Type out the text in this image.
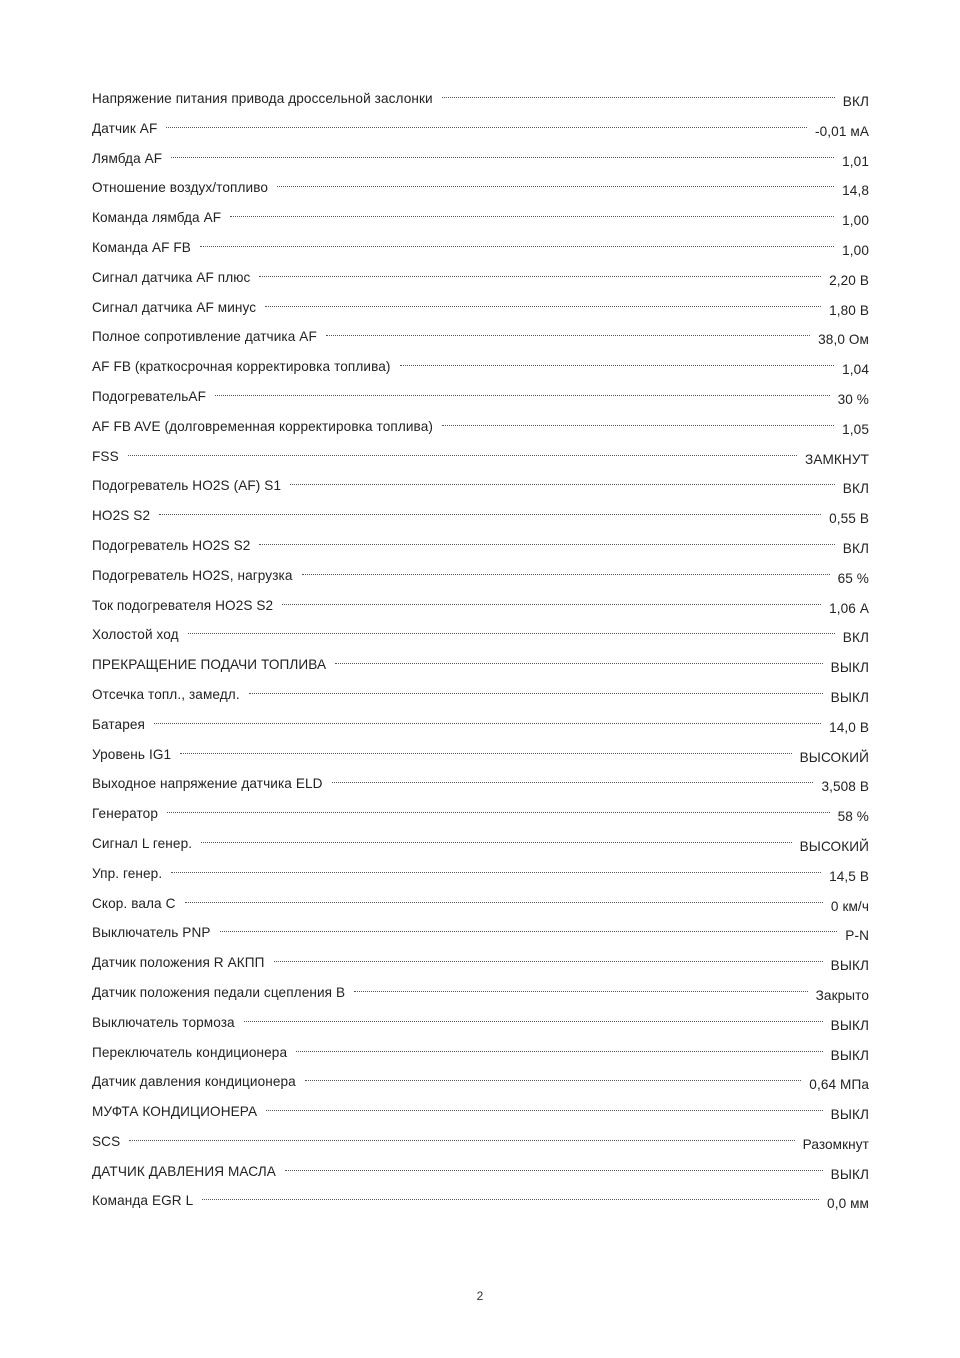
Напряжение питания привода дроссельной заслонки	ВКЛ
Датчик AF	-0,01 мА
Лямбда AF	1,01
Отношение воздух/топливо	14,8
Команда лямбда AF	1,00
Команда AF FB	1,00
Сигнал датчика AF плюс	2,20 В
Сигнал датчика AF минус	1,80 В
Полное сопротивление датчика AF	38,0 Ом
AF FB (краткосрочная корректировка топлива)	1,04
ПодогревательAF	30 %
AF FB AVE (долговременная корректировка топлива)	1,05
FSS	ЗАМКНУТ
Подогреватель HO2S (AF) S1	ВКЛ
HO2S S2	0,55 В
Подогреватель HO2S S2	ВКЛ
Подогреватель HO2S, нагрузка	65 %
Ток подогревателя HO2S S2	1,06 А
Холостой ход	ВКЛ
ПРЕКРАЩЕНИЕ ПОДАЧИ ТОПЛИВА	ВЫКЛ
Отсечка топл., замедл.	ВЫКЛ
Батарея	14,0 В
Уровень IG1	ВЫСОКИЙ
Выходное напряжение датчика ELD	3,508 В
Генератор	58 %
Сигнал L генер.	ВЫСОКИЙ
Упр. генер.	14,5 В
Скор. вала С	0 км/ч
Выключатель PNP	P-N
Датчик положения R АКПП	ВЫКЛ
Датчик положения педали сцепления B	Закрыто
Выключатель тормоза	ВЫКЛ
Переключатель кондиционера	ВЫКЛ
Датчик давления кондиционера	0,64 МПа
МУФТА КОНДИЦИОНЕРА	ВЫКЛ
SCS	Разомкнут
ДАТЧИК ДАВЛЕНИЯ МАСЛА	ВЫКЛ
Команда EGR L	0,0 мм
2
